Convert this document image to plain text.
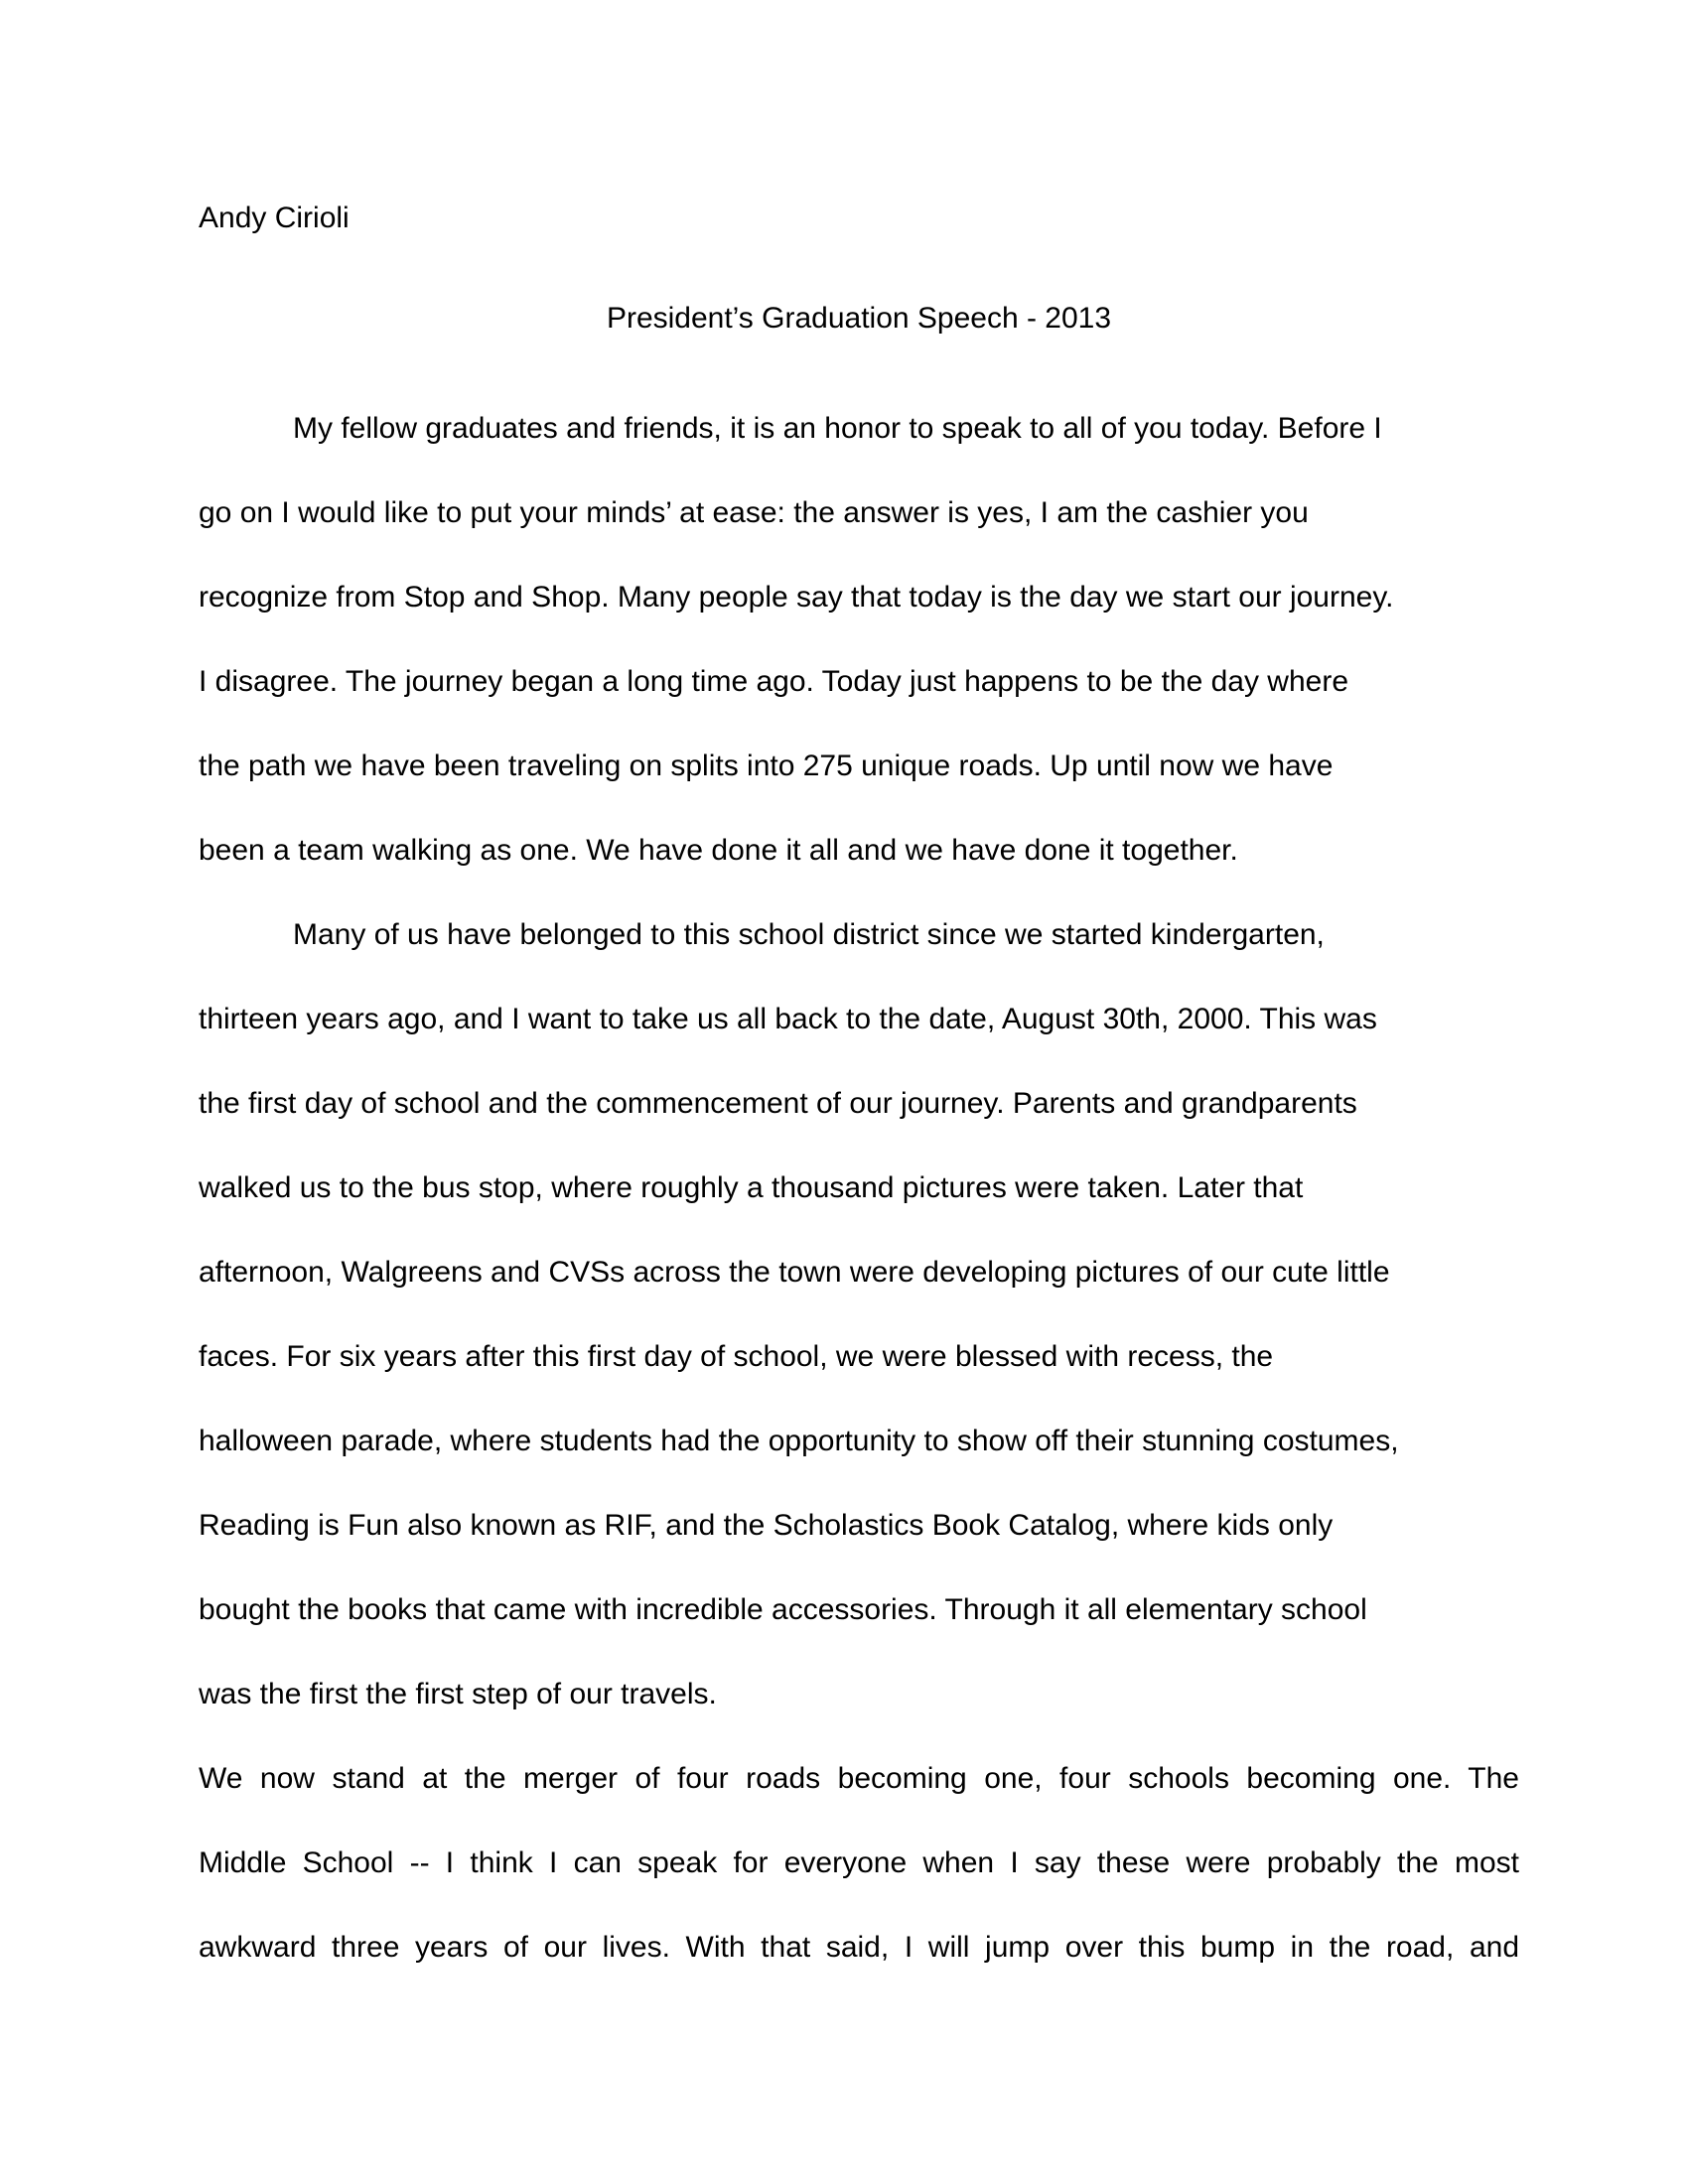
Andy Cirioli
President’s Graduation Speech - 2013
My fellow graduates and friends, it is an honor to speak to all of you today. Before I
go on I would like to put your minds’ at ease: the answer is yes, I am the cashier you
recognize from Stop and Shop. Many people say that today is the day we start our journey.
I disagree. The journey began a long time ago. Today just happens to be the day where
the path we have been traveling on splits into 275 unique roads. Up until now we have
been a team walking as one. We have done it all and we have done it together.
Many of us have belonged to this school district since we started kindergarten,
thirteen years ago, and I want to take us all back to the date, August 30th, 2000. This was
the first day of school and the commencement of our journey. Parents and grandparents
walked us to the bus stop, where roughly a thousand pictures were taken. Later that
afternoon, Walgreens and CVSs across the town were developing pictures of our cute little
faces. For six years after this first day of school, we were blessed with recess, the
halloween parade, where students had the opportunity to show off their stunning costumes,
Reading is Fun also known as RIF, and the Scholastics Book Catalog, where kids only
bought the books that came with incredible accessories. Through it all elementary school
was the first the first step of our travels.
We now stand at the merger of four roads becoming one, four schools becoming one. The
Middle School -- I think I can speak for everyone when I say these were probably the most
awkward three years of our lives. With that said, I will jump over this bump in the road, and
